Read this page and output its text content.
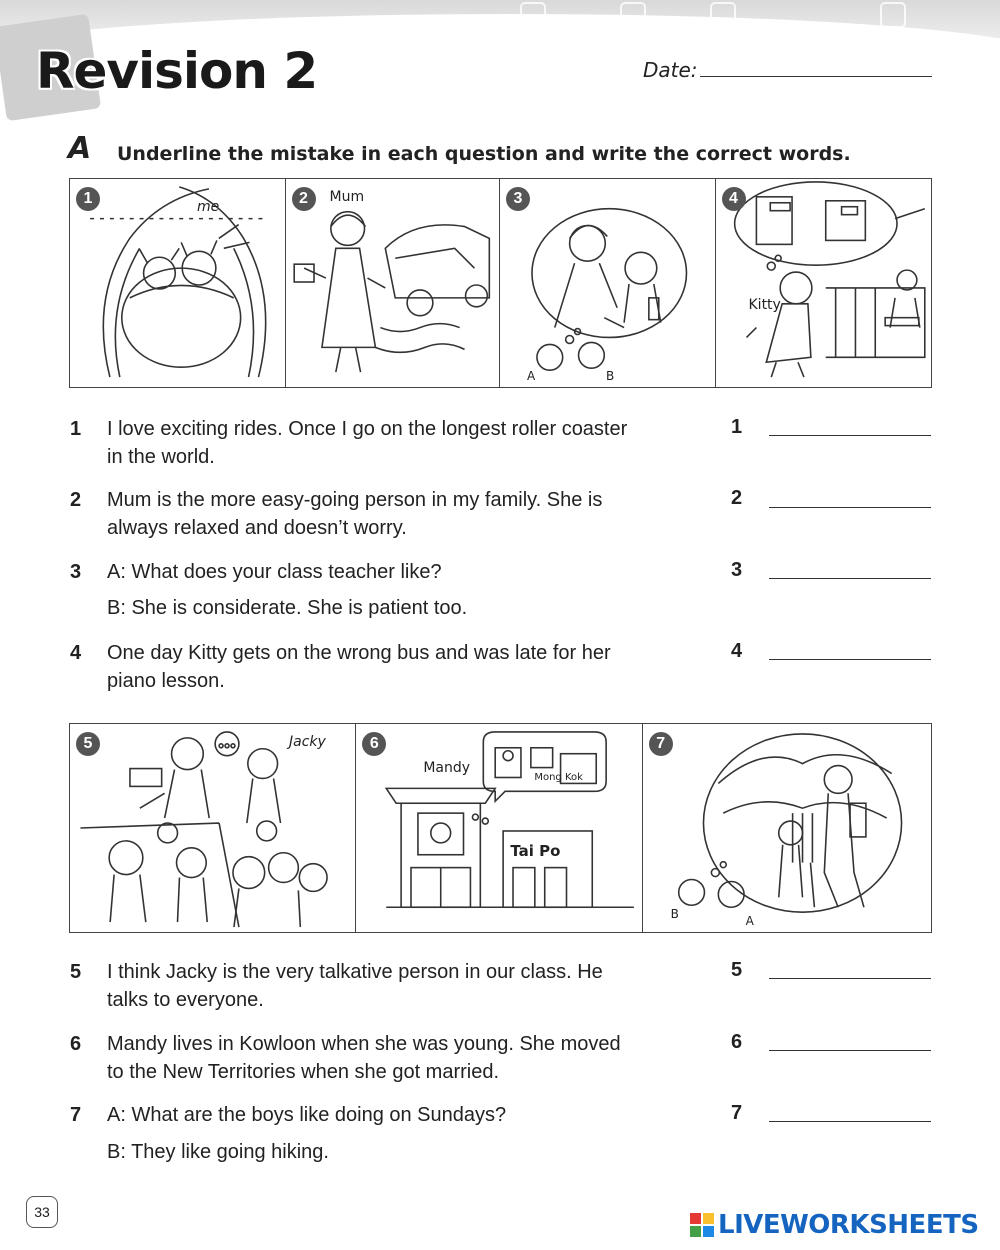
Revision 2	Date:
A Underline the mistake in each question and write the correct words.
1	me	2	Mum	3
A	B
4
Kitty
1 I love exciting rides. Once I go on the longest roller coaster
in the world.
1
2 Mum is the more easy-going person in my family. She is
always relaxed and doesn’t worry.
2
3 A: What does your class teacher like?
B: She is considerate. She is patient too.
3
4 One day Kitty gets on the wrong bus and was late for her
piano lesson.
4
5	Jacky	6
Mandy
Mong Kok
Tai Po
7
B	A
5 I think Jacky is the very talkative person in our class. He
talks to everyone.
5
6 Mandy lives in Kowloon when she was young. She moved
to the New Territories when she got married.
6
7 A: What are the boys like doing on Sundays?
B: They like going hiking.
7
33	LIVEWORKSHEETS
